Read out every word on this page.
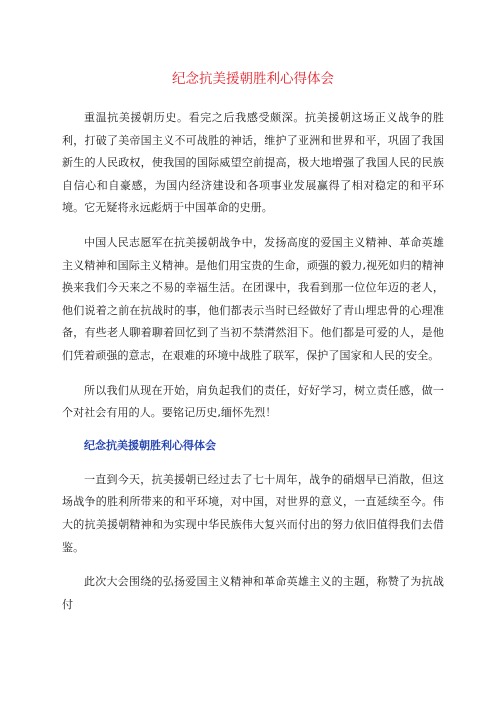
纪念抗美援朝胜利心得体会

重温抗美援朝历史。看完之后我感受颇深。抗美援朝这场正义战争的胜利，打破了美帝国主义不可战胜的神话，维护了亚洲和世界和平，巩固了我国新生的人民政权，使我国的国际威望空前提高，极大地增强了我国人民的民族自信心和自豪感，为国内经济建设和各项事业发展赢得了相对稳定的和平环境。它无疑将永远彪炳于中国革命的史册。

中国人民志愿军在抗美援朝战争中，发扬高度的爱国主义精神、革命英雄主义精神和国际主义精神。是他们用宝贵的生命，顽强的毅力,视死如归的精神换来我们今天来之不易的幸福生活。在团课中，我看到那一位位年迈的老人，他们说着之前在抗战时的事，他们都表示当时已经做好了青山埋忠骨的心理准备，有些老人聊着聊着回忆到了当初不禁潸然泪下。他们都是可爱的人，是他们凭着顽强的意志，在艰难的环境中战胜了联军，保护了国家和人民的安全。

所以我们从现在开始，肩负起我们的责任，好好学习，树立责任感，做一个对社会有用的人。要铭记历史,缅怀先烈！

纪念抗美援朝胜利心得体会

一直到今天，抗美援朝已经过去了七十周年，战争的硝烟早已消散，但这场战争的胜利所带来的和平环境，对中国，对世界的意义，一直延续至今。伟大的抗美援朝精神和为实现中华民族伟大复兴而付出的努力依旧值得我们去借鉴。

此次大会围绕的弘扬爱国主义精神和革命英雄主义的主题，称赞了为抗战付
